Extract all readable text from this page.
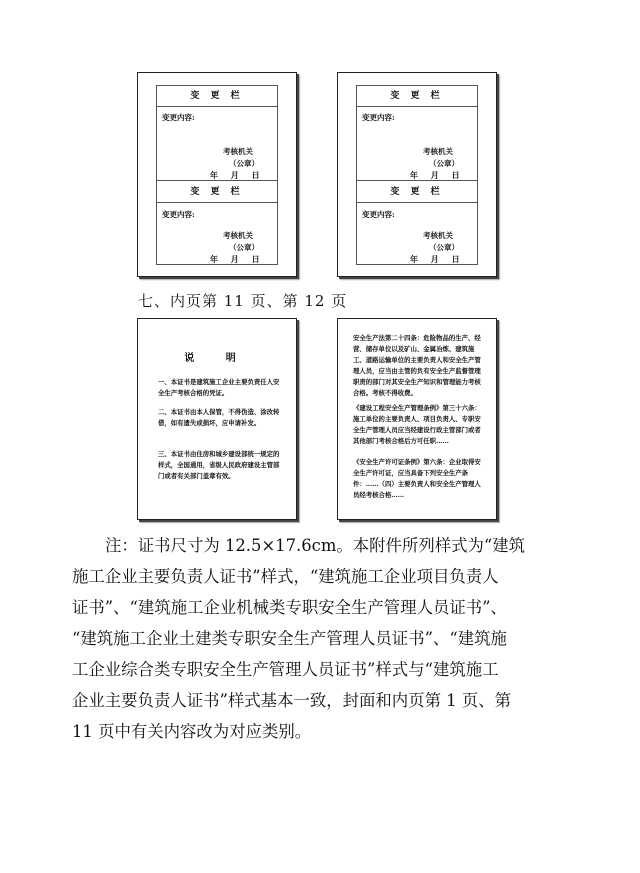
变 更 栏
变更内容:
考核机关
（公章）
年 月 日
变 更 栏
变更内容:
考核机关
（公章）
年 月 日
变 更 栏
变更内容:
考核机关
（公章）
年 月 日
变 更 栏
变更内容:
考核机关
（公章）
年 月 日
七、内页第 11 页、第 12 页
说 明
一、本证书是建筑施工企业主要负责任人安全生产考核合格的凭证。
二、本证书由本人保管，不得伪造、涂改转借，如有遗失或损坏，应申请补发。
三、本证书由住房和城乡建设部统一规定的样式，全国通用，省级人民政府建设主管部门或者有关部门盖章有效。
安全生产法第二十四条：危险物品的生产、经营、储存单位以及矿山、金属冶炼、建筑施工、道路运输单位的主要负责人和安全生产管理人员，应当由主管的负有安全生产监督管理职责的部门对其安全生产知识和管理能力考核合格。考核不得收费。
《建设工程安全生产管理条例》第三十六条：施工单位的主要负责人、项目负责人、专职安全生产管理人员应当经建设行政主管部门或者其他部门考核合格后方可任职……
《安全生产许可证条例》第六条：企业取得安全生产许可证，应当具备下列安全生产条件：……（四）主要负责人和安全生产管理人员经考核合格……
注：证书尺寸为 12.5×17.6cm。本附件所列样式为“建筑
施工企业主要负责人证书”样式，“建筑施工企业项目负责人
证书”、“建筑施工企业机械类专职安全生产管理人员证书”、
“建筑施工企业土建类专职安全生产管理人员证书”、“建筑施
工企业综合类专职安全生产管理人员证书”样式与“建筑施工
企业主要负责人证书”样式基本一致，封面和内页第 1 页、第
11 页中有关内容改为对应类别。
